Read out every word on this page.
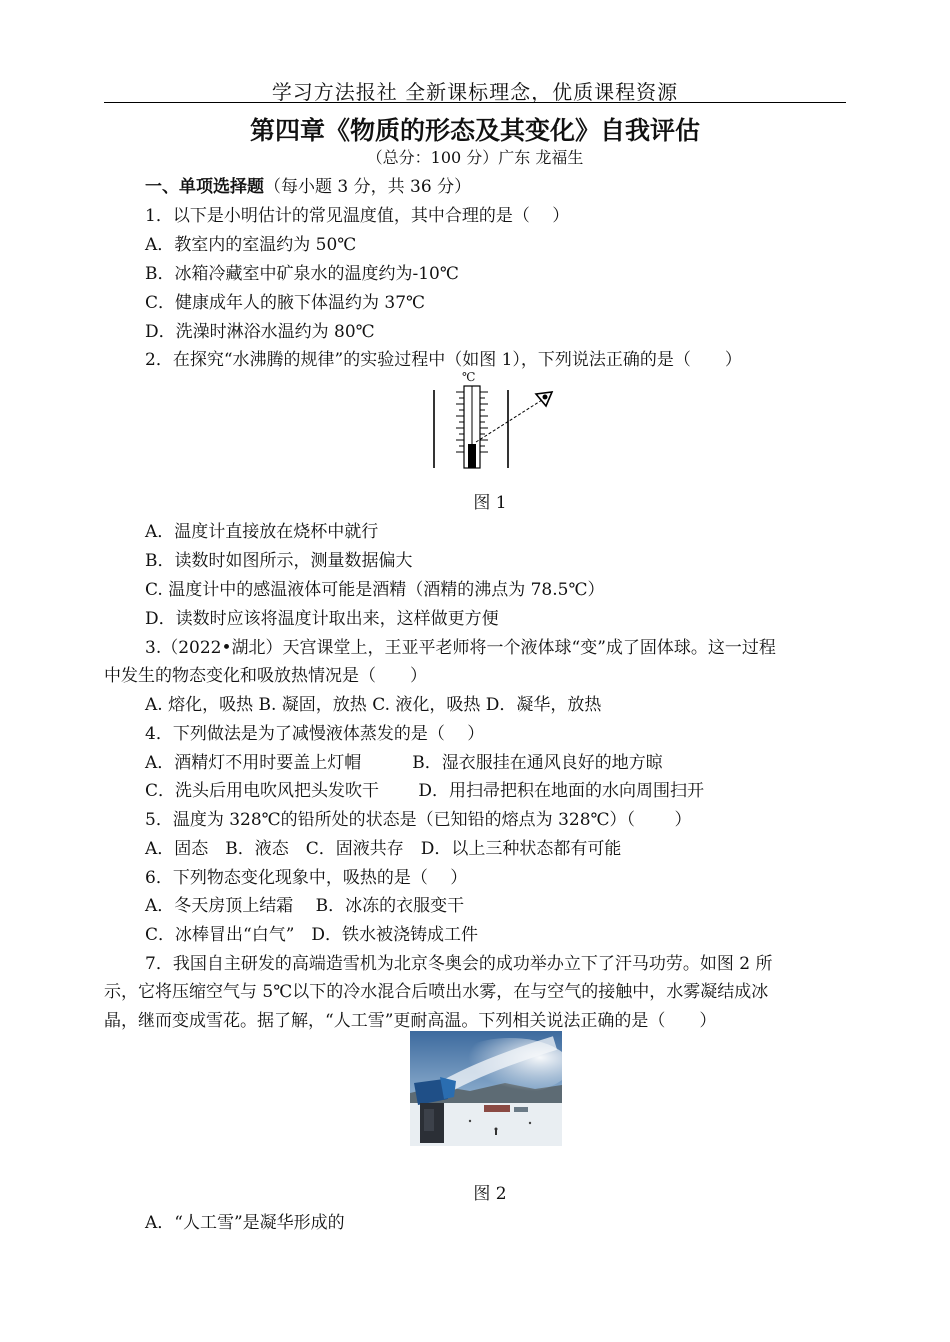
学习方法报社 全新课标理念，优质课程资源
第四章《物质的形态及其变化》自我评估
（总分：100 分）广东 龙福生
一、单项选择题（每小题 3 分，共 36 分）
1．以下是小明估计的常见温度值，其中合理的是（　 ）
A．教室内的室温约为 50℃
B．冰箱冷藏室中矿泉水的温度约为-10℃
C．健康成年人的腋下体温约为 37℃
D．洗澡时淋浴水温约为 80℃
2．在探究“水沸腾的规律”的实验过程中（如图 1），下列说法正确的是（　　）
℃
图 1
A．温度计直接放在烧杯中就行
B．读数时如图所示，测量数据偏大
C. 温度计中的感温液体可能是酒精（酒精的沸点为 78.5℃）
D．读数时应该将温度计取出来，这样做更方便
3.（2022•湖北）天宫课堂上，王亚平老师将一个液体球“变”成了固体球。这一过程
中发生的物态变化和吸放热情况是（　　）
A. 熔化，吸热 B. 凝固，放热 C. 液化，吸热 D．凝华，放热
4．下列做法是为了减慢液体蒸发的是（　 ）
A．酒精灯不用时要盖上灯帽　　　B．湿衣服挂在通风良好的地方晾
C．洗头后用电吹风把头发吹干　　 D．用扫帚把积在地面的水向周围扫开
5．温度为 328℃的铅所处的状态是（已知铅的熔点为 328℃）（　　 ）
A．固态　B．液态　C．固液共存　D．以上三种状态都有可能
6．下列物态变化现象中，吸热的是（　 ）
A．冬天房顶上结霜　 B．冰冻的衣服变干
C．冰棒冒出“白气”　D．铁水被浇铸成工件
7．我国自主研发的高端造雪机为北京冬奥会的成功举办立下了汗马功劳。如图 2 所
示，它将压缩空气与 5℃以下的冷水混合后喷出水雾，在与空气的接触中，水雾凝结成冰
晶，继而变成雪花。据了解，“人工雪”更耐高温。下列相关说法正确的是（　　）
图 2
A．“人工雪”是凝华形成的
